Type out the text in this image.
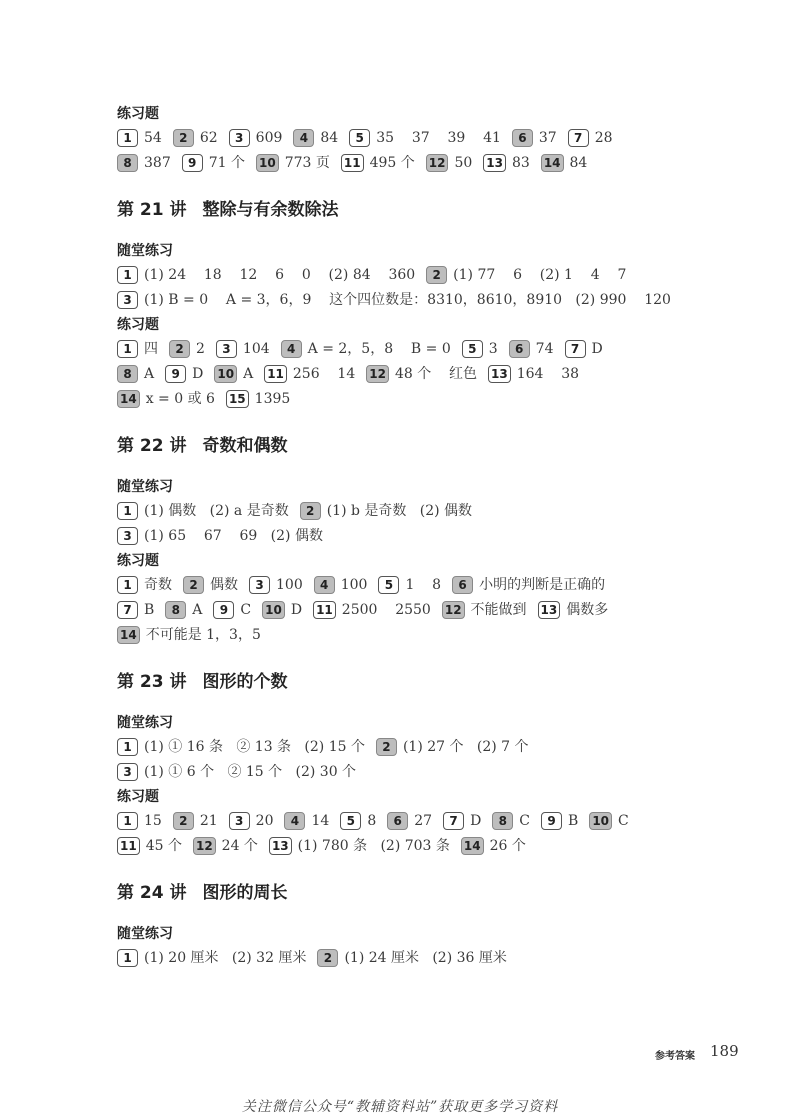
练习题
1 54 2 62 3 609 4 84 5 35    37    39    41 6 37 7 28
8 387 9 71 个 10 773 页 11 495 个 12 50 13 83 14 84
第 21 讲 整除与有余数除法
随堂练习
1 (1) 24    18    12    6    0    (2) 84    360 2 (1) 77    6    (2) 1    4    7
3 (1) B = 0    A = 3，6，9    这个四位数是：8310，8610，8910   (2) 990    120
练习题
1 四 2 2 3 104 4 A = 2，5，8    B = 0 5 3 6 74 7 D
8 A 9 D 10 A 11 256    14 12 48 个    红色 13 164    38
14 x = 0 或 6 15 1395
第 22 讲 奇数和偶数
随堂练习
1 (1) 偶数   (2) a 是奇数 2 (1) b 是奇数   (2) 偶数
3 (1) 65    67    69   (2) 偶数
练习题
1 奇数 2 偶数 3 100 4 100 5 1    8 6 小明的判断是正确的
7 B 8 A 9 C 10 D 11 2500    2550 12 不能做到 13 偶数多
14 不可能是 1，3，5
第 23 讲 图形的个数
随堂练习
1 (1) ① 16 条   ② 13 条   (2) 15 个 2 (1) 27 个   (2) 7 个
3 (1) ① 6 个   ② 15 个   (2) 30 个
练习题
1 15 2 21 3 20 4 14 5 8 6 27 7 D 8 C 9 B 10 C
11 45 个 12 24 个 13 (1) 780 条   (2) 703 条 14 26 个
第 24 讲 图形的周长
随堂练习
1 (1) 20 厘米   (2) 32 厘米 2 (1) 24 厘米   (2) 36 厘米
参考答案 189
关注微信公众号“教辅资料站”获取更多学习资料
